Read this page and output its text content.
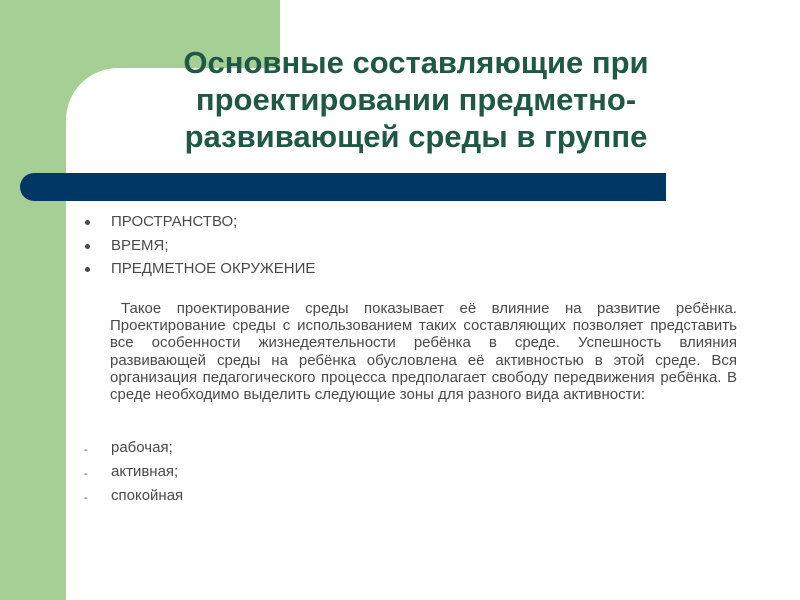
Основные составляющие при проектировании предметно-развивающей среды в группе
ПРОСТРАНСТВО;
ВРЕМЯ;
ПРЕДМЕТНОЕ ОКРУЖЕНИЕ

Такое проектирование среды показывает её влияние на развитие ребёнка. Проектирование среды с использованием таких составляющих позволяет представить все особенности жизнедеятельности ребёнка в среде. Успешность влияния развивающей среды на ребёнка обусловлена её активностью в этой среде. Вся организация педагогического процесса предполагает свободу передвижения ребёнка. В среде необходимо выделить следующие зоны для разного вида активности:

- рабочая;
- активная;
- спокойная
